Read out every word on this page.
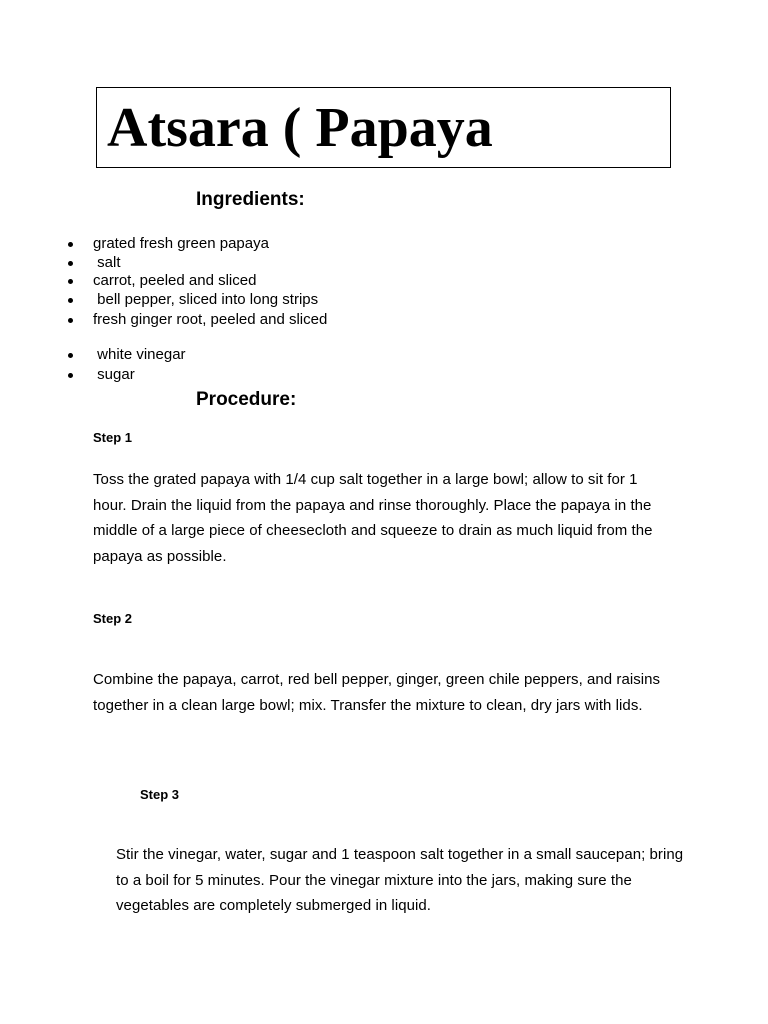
Atsara ( Papaya
Ingredients:

grated fresh green papaya

salt

carrot, peeled and sliced

bell pepper, sliced into long strips

fresh ginger root, peeled and sliced

white vinegar

sugar

Procedure:

Step 1

Toss the grated papaya with 1/4 cup salt together in a large bowl; allow to sit for 1 hour. Drain the liquid from the papaya and rinse thoroughly. Place the papaya in the middle of a large piece of cheesecloth and squeeze to drain as much liquid from the papaya as possible.

Step 2

Combine the papaya, carrot, red bell pepper, ginger, green chile peppers, and raisins together in a clean large bowl; mix. Transfer the mixture to clean, dry jars with lids.

Step 3

Stir the vinegar, water, sugar and 1 teaspoon salt together in a small saucepan; bring to a boil for 5 minutes. Pour the vinegar mixture into the jars, making sure the vegetables are completely submerged in liquid.
